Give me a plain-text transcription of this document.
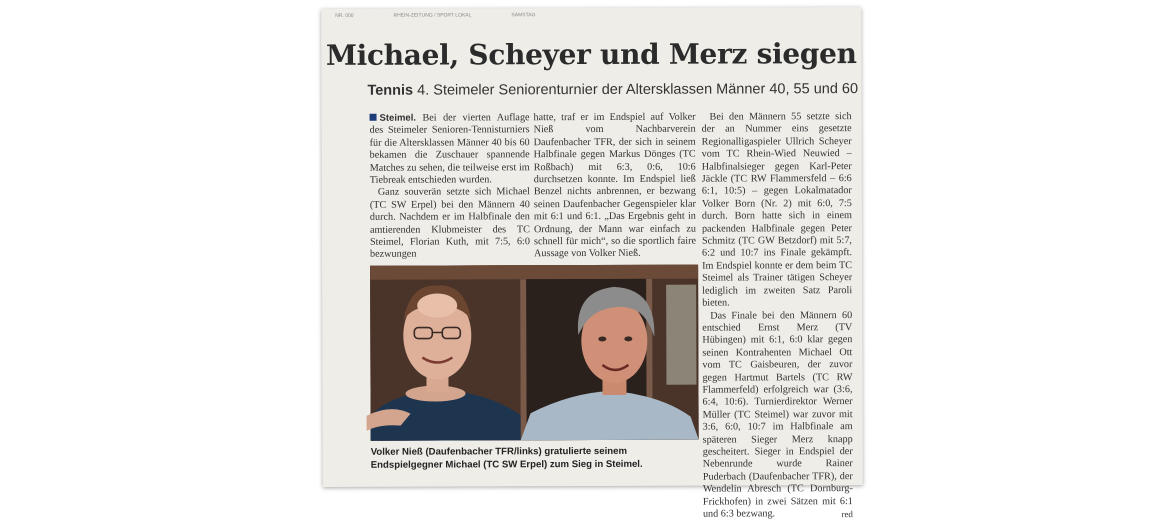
NR. 000	RHEIN-ZEITUNG / SPORT LOKAL	SAMSTAG
Michael, Scheyer und Merz siegen
Tennis 4. Steimeler Seniorenturnier der Altersklassen Männer 40, 55 und 60

Steimel. Bei der vierten Auflage des Steimeler Senioren-Tennisturniers für die Altersklassen Männer 40 bis 60 bekamen die Zuschauer spannende Matches zu sehen, die teilweise erst im Tiebreak entschieden wurden.

Ganz souverän setzte sich Michael (TC SW Erpel) bei den Männern 40 durch. Nachdem er im Halbfinale den amtierenden Klubmeister des TC Steimel, Florian Kuth, mit 7:5, 6:0 bezwungen

hatte, traf er im Endspiel auf Volker Nieß vom Nachbarverein Daufenbacher TFR, der sich in seinem Halbfinale gegen Markus Dönges (TC Roßbach) mit 6:3, 0:6, 10:6 durchsetzen konnte. Im Endspiel ließ Benzel nichts anbrennen, er bezwang seinen Daufenbacher Gegenspieler klar mit 6:1 und 6:1. „Das Ergebnis geht in Ordnung, der Mann war einfach zu schnell für mich“, so die sportlich faire Aussage von Volker Nieß.

Bei den Männern 55 setzte sich der an Nummer eins gesetzte Regionalligaspieler Ullrich Scheyer vom TC Rhein-Wied Neuwied – Halbfinalsieger gegen Karl-Peter Jäckle (TC RW Flammersfeld – 6:6 6:1, 10:5) – gegen Lokalmatador Volker Born (Nr. 2) mit 6:0, 7:5 durch. Born hatte sich in einem packenden Halbfinale gegen Peter Schmitz (TC GW Betzdorf) mit 5:7, 6:2 und 10:7 ins Finale gekämpft. Im Endspiel konnte er dem beim TC Steimel als Trainer tätigen Scheyer lediglich im zweiten Satz Paroli bieten.

Das Finale bei den Männern 60 entschied Ernst Merz (TV Hübingen) mit 6:1, 6:0 klar gegen seinen Kontrahenten Michael Ott vom TC Gaisbeuren, der zuvor gegen Hartmut Bartels (TC RW Flammerfeld) erfolgreich war (3:6, 6:4, 10:6). Turnierdirektor Werner Müller (TC Steimel) war zuvor mit 3:6, 6:0, 10:7 im Halbfinale am späteren Sieger Merz knapp gescheitert. Sieger in Endspiel der Nebenrunde wurde Rainer Puderbach (Daufenbacher TFR), der Wendelin Abresch (TC Dornburg-Frickhofen) in zwei Sätzen mit 6:1 und 6:3 bezwang.	red

Volker Nieß (Daufenbacher TFR/links) gratulierte seinem Endspielgegner Michael (TC SW Erpel) zum Sieg in Steimel.
